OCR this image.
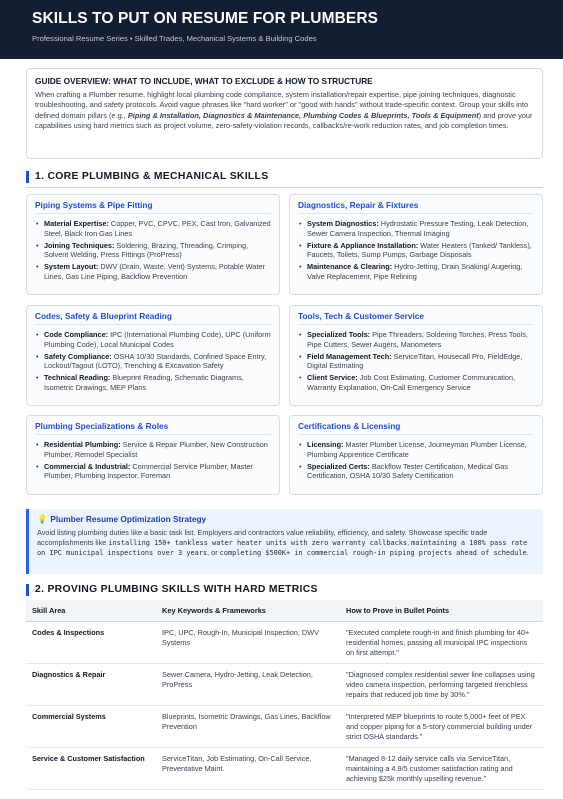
SKILLS TO PUT ON RESUME FOR PLUMBERS
Professional Resume Series • Skilled Trades, Mechanical Systems & Building Codes
GUIDE OVERVIEW: WHAT TO INCLUDE, WHAT TO EXCLUDE & HOW TO STRUCTURE

When crafting a Plumber resume, highlight local plumbing code compliance, system installation/repair expertise, pipe joining techniques, diagnostic troubleshooting, and safety protocols. Avoid vague phrases like "hard worker" or "good with hands" without trade-specific context. Group your skills into defined domain pillars (e.g., Piping & Installation, Diagnostics & Maintenance, Plumbing Codes & Blueprints, Tools & Equipment) and prove your capabilities using hard metrics such as project volume, zero-safety-violation records, callbacks/re-work reduction rates, and job completion times.

1. CORE PLUMBING & MECHANICAL SKILLS
Piping Systems & Pipe Fitting
• Material Expertise: Copper, PVC, CPVC, PEX, Cast Iron, Galvanized Steel, Black Iron Gas Lines
• Joining Techniques: Soldering, Brazing, Threading, Crimping, Solvent Welding, Press Fittings (ProPress)
• System Layout: DWV (Drain, Waste, Vent) Systems, Potable Water Lines, Gas Line Piping, Backflow Prevention
Diagnostics, Repair & Fixtures
• System Diagnostics: Hydrostatic Pressure Testing, Leak Detection, Sewer Camera Inspection, Thermal Imaging
• Fixture & Appliance Installation: Water Heaters (Tanked/ Tankless), Faucets, Toilets, Sump Pumps, Garbage Disposals
• Maintenance & Clearing: Hydro-Jetting, Drain Snaking/ Augering, Valve Replacement, Pipe Relining
Codes, Safety & Blueprint Reading
• Code Compliance: IPC (International Plumbing Code), UPC (Uniform Plumbing Code), Local Municipal Codes
• Safety Compliance: OSHA 10/30 Standards, Confined Space Entry, Lockout/Tagout (LOTO), Trenching & Excavation Safety
• Technical Reading: Blueprint Reading, Schematic Diagrams, Isometric Drawings, MEP Plans
Tools, Tech & Customer Service
• Specialized Tools: Pipe Threaders, Soldering Torches, Press Tools, Pipe Cutters, Sewer Augers, Manometers
• Field Management Tech: ServiceTitan, Housecall Pro, FieldEdge, Digital Estimating
• Client Service: Job Cost Estimating, Customer Communication, Warranty Explanation, On-Call Emergency Service
Plumbing Specializations & Roles
• Residential Plumbing: Service & Repair Plumber, New Construction Plumber, Remodel Specialist
• Commercial & Industrial: Commercial Service Plumber, Master Plumber, Plumbing Inspector, Foreman
Certifications & Licensing
• Licensing: Master Plumber License, Journeyman Plumber License, Plumbing Apprentice Certificate
• Specialized Certs: Backflow Tester Certification, Medical Gas Certification, OSHA 10/30 Safety Certification
💡 Plumber Resume Optimization Strategy

Avoid listing plumbing duties like a basic task list. Employers and contractors value reliability, efficiency, and safety. Showcase specific trade accomplishments like installing 150+ tankless water heater units with zero warranty callbacks, maintaining a 100% pass rate on IPC municipal inspections over 3 years, or completing $500K+ in commercial rough-in piping projects ahead of schedule.

2. PROVING PLUMBING SKILLS WITH HARD METRICS
Skill Area	Key Keywords & Frameworks	How to Prove in Bullet Points
Codes & Inspections	IPC, UPC, Rough-In, Municipal Inspection, DWV Systems	"Executed complete rough-in and finish plumbing for 40+ residential homes, passing all municipal IPC inspections on first attempt."
Diagnostics & Repair	Sewer Camera, Hydro-Jetting, Leak Detection, ProPress	"Diagnosed complex residential sewer line collapses using video camera inspection, performing targeted trenchless repairs that reduced job time by 30%."
Commercial Systems	Blueprints, Isometric Drawings, Gas Lines, Backflow Prevention	"Interpreted MEP blueprints to route 5,000+ feet of PEX and copper piping for a 5-story commercial building under strict OSHA standards."
Service & Customer Satisfaction	ServiceTitan, Job Estimating, On-Call Service, Preventative Maint.	"Managed 8-12 daily service calls via ServiceTitan, maintaining a 4.9/5 customer satisfaction rating and achieving $25k monthly upselling revenue."
